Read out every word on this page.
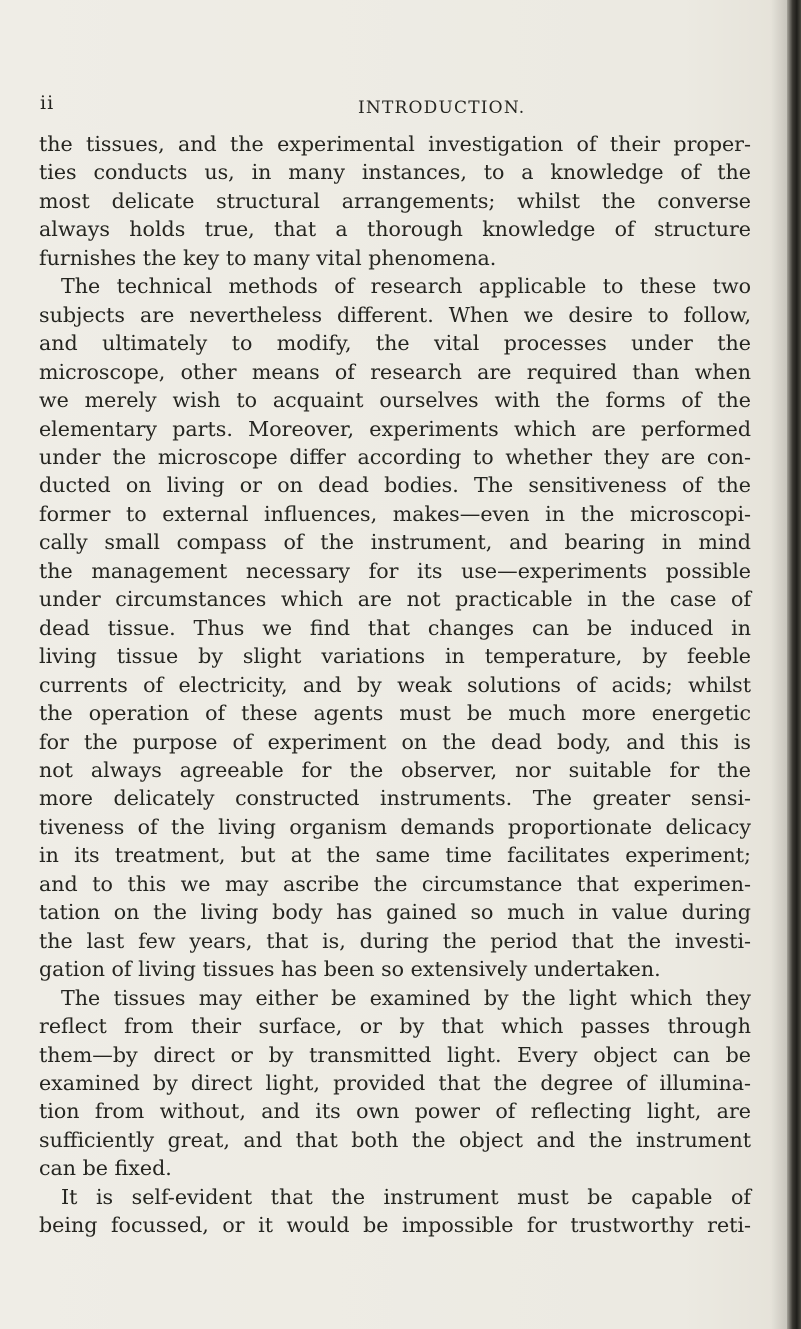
ii	INTRODUCTION.
the tissues, and the experimental investigation of their proper-
ties conducts us, in many instances, to a knowledge of the
most delicate structural arrangements; whilst the converse
always holds true, that a thorough knowledge of structure
furnishes the key to many vital phenomena.
The technical methods of research applicable to these two
subjects are nevertheless different. When we desire to follow,
and ultimately to modify, the vital processes under the
microscope, other means of research are required than when
we merely wish to acquaint ourselves with the forms of the
elementary parts. Moreover, experiments which are performed
under the microscope differ according to whether they are con-
ducted on living or on dead bodies. The sensitiveness of the
former to external influences, makes—even in the microscopi-
cally small compass of the instrument, and bearing in mind
the management necessary for its use—experiments possible
under circumstances which are not practicable in the case of
dead tissue. Thus we find that changes can be induced in
living tissue by slight variations in temperature, by feeble
currents of electricity, and by weak solutions of acids; whilst
the operation of these agents must be much more energetic
for the purpose of experiment on the dead body, and this is
not always agreeable for the observer, nor suitable for the
more delicately constructed instruments. The greater sensi-
tiveness of the living organism demands proportionate delicacy
in its treatment, but at the same time facilitates experiment;
and to this we may ascribe the circumstance that experimen-
tation on the living body has gained so much in value during
the last few years, that is, during the period that the investi-
gation of living tissues has been so extensively undertaken.
The tissues may either be examined by the light which they
reflect from their surface, or by that which passes through
them—by direct or by transmitted light. Every object can be
examined by direct light, provided that the degree of illumina-
tion from without, and its own power of reflecting light, are
sufficiently great, and that both the object and the instrument
can be fixed.
It is self-evident that the instrument must be capable of
being focussed, or it would be impossible for trustworthy reti-
